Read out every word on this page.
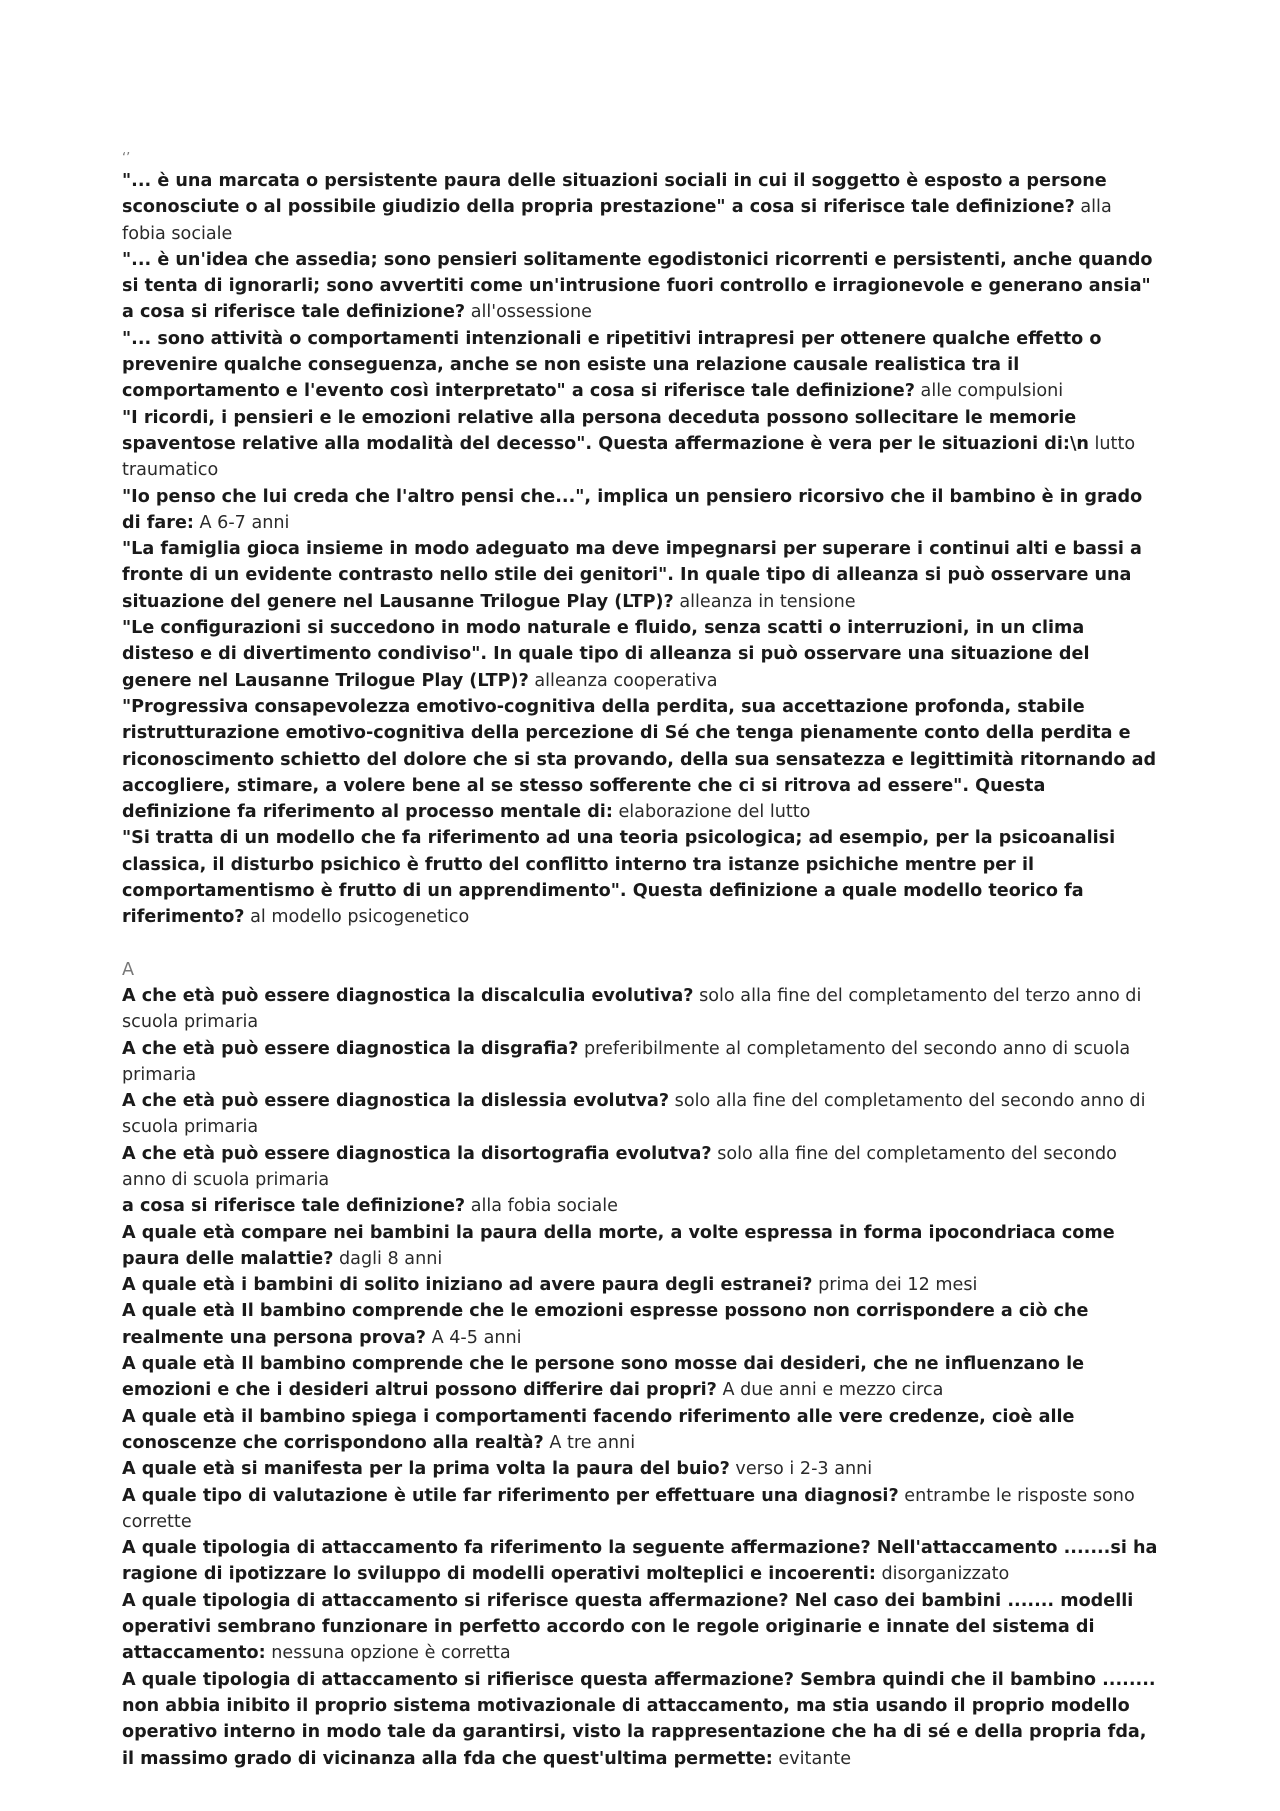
‘’

"... è una marcata o persistente paura delle situazioni sociali in cui il soggetto è esposto a persone sconosciute o al possibile giudizio della propria prestazione" a cosa si riferisce tale definizione? alla fobia sociale

"... è un'idea che assedia; sono pensieri solitamente egodistonici ricorrenti e persistenti, anche quando si tenta di ignorarli; sono avvertiti come un'intrusione fuori controllo e irragionevole e generano ansia" a cosa si riferisce tale definizione? all'ossessione

"... sono attività o comportamenti intenzionali e ripetitivi intrapresi per ottenere qualche effetto o prevenire qualche conseguenza, anche se non esiste una relazione causale realistica tra il comportamento e l'evento così interpretato" a cosa si riferisce tale definizione? alle compulsioni

"I ricordi, i pensieri e le emozioni relative alla persona deceduta possono sollecitare le memorie spaventose relative alla modalità del decesso". Questa affermazione è vera per le situazioni di:\n lutto traumatico

"Io penso che lui creda che l'altro pensi che...", implica un pensiero ricorsivo che il bambino è in grado di fare: A 6-7 anni

"La famiglia gioca insieme in modo adeguato ma deve impegnarsi per superare i continui alti e bassi a fronte di un evidente contrasto nello stile dei genitori". In quale tipo di alleanza si può osservare una situazione del genere nel Lausanne Trilogue Play (LTP)? alleanza in tensione

"Le configurazioni si succedono in modo naturale e fluido, senza scatti o interruzioni, in un clima disteso e di divertimento condiviso". In quale tipo di alleanza si può osservare una situazione del genere nel Lausanne Trilogue Play (LTP)? alleanza cooperativa

"Progressiva consapevolezza emotivo-cognitiva della perdita, sua accettazione profonda, stabile ristrutturazione emotivo-cognitiva della percezione di Sé che tenga pienamente conto della perdita e riconoscimento schietto del dolore che si sta provando, della sua sensatezza e legittimità ritornando ad accogliere, stimare, a volere bene al se stesso sofferente che ci si ritrova ad essere". Questa definizione fa riferimento al processo mentale di: elaborazione del lutto

"Si tratta di un modello che fa riferimento ad una teoria psicologica; ad esempio, per la psicoanalisi classica, il disturbo psichico è frutto del conflitto interno tra istanze psichiche mentre per il comportamentismo è frutto di un apprendimento". Questa definizione a quale modello teorico fa riferimento? al modello psicogenetico

A

A che età può essere diagnostica la discalculia evolutiva? solo alla fine del completamento del terzo anno di scuola primaria

A che età può essere diagnostica la disgrafia? preferibilmente al completamento del secondo anno di scuola primaria

A che età può essere diagnostica la dislessia evolutva? solo alla fine del completamento del secondo anno di scuola primaria

A che età può essere diagnostica la disortografia evolutva? solo alla fine del completamento del secondo anno di scuola primaria

a cosa si riferisce tale definizione? alla fobia sociale

A quale età compare nei bambini la paura della morte, a volte espressa in forma ipocondriaca come paura delle malattie? dagli 8 anni

A quale età i bambini di solito iniziano ad avere paura degli estranei? prima dei 12 mesi

A quale età Il bambino comprende che le emozioni espresse possono non corrispondere a ciò che realmente una persona prova? A 4-5 anni

A quale età Il bambino comprende che le persone sono mosse dai desideri, che ne influenzano le emozioni e che i desideri altrui possono differire dai propri? A due anni e mezzo circa

A quale età il bambino spiega i comportamenti facendo riferimento alle vere credenze, cioè alle conoscenze che corrispondono alla realtà? A tre anni

A quale età si manifesta per la prima volta la paura del buio? verso i 2-3 anni

A quale tipo di valutazione è utile far riferimento per effettuare una diagnosi? entrambe le risposte sono corrette

A quale tipologia di attaccamento fa riferimento la seguente affermazione? Nell'attaccamento .......si ha ragione di ipotizzare lo sviluppo di modelli operativi molteplici e incoerenti: disorganizzato

A quale tipologia di attaccamento si riferisce questa affermazione? Nel caso dei bambini ....... modelli operativi sembrano funzionare in perfetto accordo con le regole originarie e innate del sistema di attaccamento: nessuna opzione è corretta

A quale tipologia di attaccamento si rifierisce questa affermazione? Sembra quindi che il bambino ........ non abbia inibito il proprio sistema motivazionale di attaccamento, ma stia usando il proprio modello operativo interno in modo tale da garantirsi, visto la rappresentazione che ha di sé e della propria fda, il massimo grado di vicinanza alla fda che quest'ultima permette: evitante
